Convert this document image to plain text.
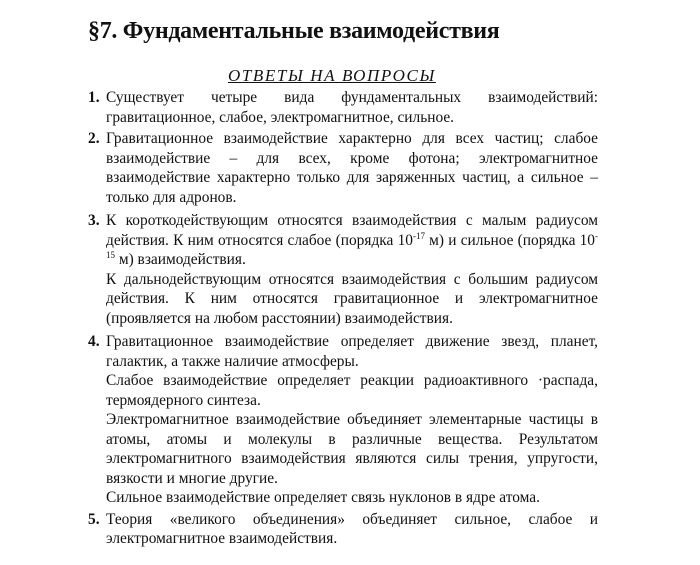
§7. Фундаментальные взаимодействия
ОТВЕТЫ НА ВОПРОСЫ
1. Существует четыре вида фундаментальных взаимодействий: гравитационное, слабое, электромагнитное, сильное.

2. Гравитационное взаимодействие характерно для всех частиц; слабое взаимодействие – для всех, кроме фотона; электромагнитное взаимодействие характерно только для заряженных частиц, а сильное – только для адронов.

3. К короткодействующим относятся взаимодействия с малым радиусом действия. К ним относятся слабое (порядка $10^{-17}$ м) и сильное (порядка $10^{-15}$ м) взаимодействия.

К дальнодействующим относятся взаимодействия с большим радиусом действия. К ним относятся гравитационное и электромагнитное (проявляется на любом расстоянии) взаимодействия.

4. Гравитационное взаимодействие определяет движение звезд, планет, галактик, а также наличие атмосферы.

Слабое взаимодействие определяет реакции радиоактивного ·распада, термоядерного синтеза.

Электромагнитное взаимодействие объединяет элементарные частицы в атомы, атомы и молекулы в различные вещества. Результатом электромагнитного взаимодействия являются силы трения, упругости, вязкости и многие другие.

Сильное взаимодействие определяет связь нуклонов в ядре атома.

5. Теория «великого объединения» объединяет сильное, слабое и электромагнитное взаимодействия.
